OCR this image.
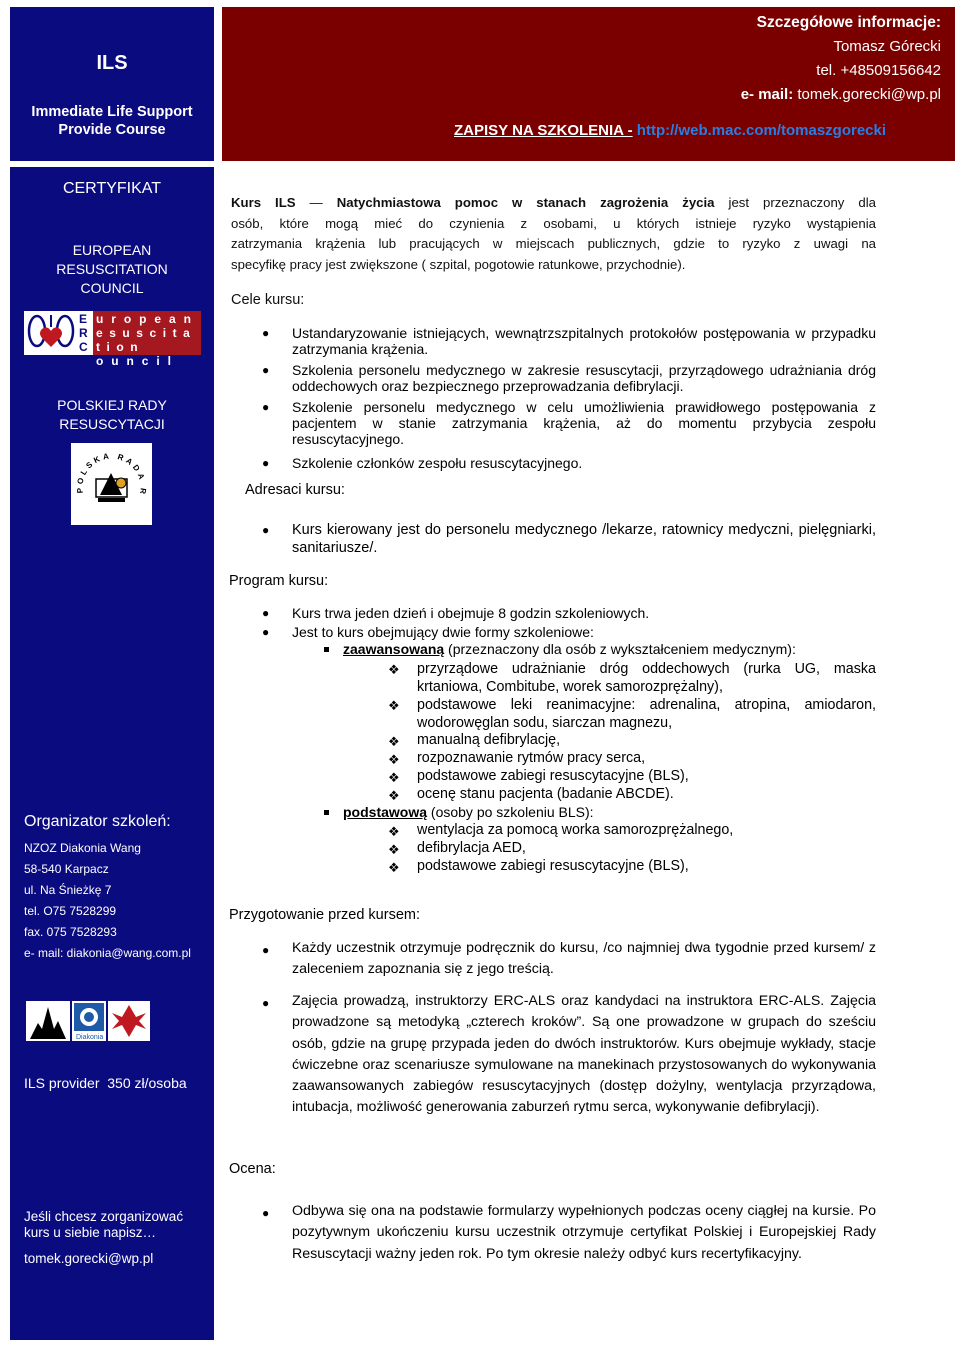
ILS
Immediate Life Support
Provide Course
CERTYFIKAT
EUROPEAN
RESUSCITATION
COUNCIL
POLSKIEJ RADY
RESUSCYTACJI
Organizator szkoleń:
NZOZ Diakonia Wang
58-540 Karpacz
ul. Na Śnieżkę 7
tel. O75 7528299
fax. 075 7528293
e- mail: diakonia@wang.com.pl
ILS provider  350 zł/osoba
Jeśli chcesz zorganizować
kurs u siebie napisz…
tomek.gorecki@wp.pl
E
R
C
u r o p e a n
e s u s c i t a t i o n
o u n c i l
POLSKA RADA R
Diakonia
Szczegółowe informacje:
Tomasz Górecki
tel. +48509156642
e- mail: tomek.gorecki@wp.pl
ZAPISY NA SZKOLENIA - http://web.mac.com/tomaszgorecki
Kurs ILS — Natychmiastowa pomoc w stanach zagrożenia życia jest przeznaczony dla
osób, które mogą mieć do czynienia z osobami, u których istnieje ryzyko wystąpienia
zatrzymania krążenia lub pracujących w miejscach publicznych, gdzie to ryzyko z uwagi na
specyfikę pracy jest zwiększone ( szpital, pogotowie ratunkowe, przychodnie).
Cele kursu:
● Ustandaryzowanie istniejących, wewnątrzszpitalnych protokołów postępowania w przypadku zatrzymania krążenia.
● Szkolenia personelu medycznego w zakresie resuscytacji, przyrządowego udrażniania dróg oddechowych oraz bezpiecznego przeprowadzania defibrylacji.
● Szkolenie personelu medycznego w celu umożliwienia prawidłowego postępowania z pacjentem w stanie zatrzymania krążenia, aż do momentu przybycia zespołu resuscytacyjnego.
● Szkolenie członków zespołu resuscytacyjnego.
Adresaci kursu:
● Kurs kierowany jest do personelu medycznego /lekarze, ratownicy medyczni, pielęgniarki, sanitariusze/.
Program kursu:
● Kurs trwa jeden dzień i obejmuje 8 godzin szkoleniowych.
● Jest to kurs obejmujący dwie formy szkoleniowe:
zaawansowaną (przeznaczony dla osób z wykształceniem medycznym):
❖ przyrządowe udrażnianie dróg oddechowych (rurka UG, maska krtaniowa, Combitube, worek samorozprężalny),
❖ podstawowe leki reanimacyjne: adrenalina, atropina, amiodaron, wodorowęglan sodu, siarczan magnezu,
❖ manualną defibrylację,
❖ rozpoznawanie rytmów pracy serca,
❖ podstawowe zabiegi resuscytacyjne (BLS),
❖ ocenę stanu pacjenta (badanie ABCDE).
podstawową (osoby po szkoleniu BLS):
❖ wentylacja za pomocą worka samorozprężalnego,
❖ defibrylacja AED,
❖ podstawowe zabiegi resuscytacyjne (BLS),
Przygotowanie przed kursem:
● Każdy uczestnik otrzymuje podręcznik do kursu, /co najmniej dwa tygodnie przed kursem/ z zaleceniem zapoznania się z jego treścią.
● Zajęcia prowadzą, instruktorzy ERC-ALS oraz kandydaci na instruktora ERC-ALS. Zajęcia prowadzone są metodyką „czterech kroków”. Są one prowadzone w grupach do sześciu osób, gdzie na grupę przypada jeden do dwóch instruktorów. Kurs obejmuje wykłady, stacje ćwiczebne oraz scenariusze symulowane na manekinach przystosowanych do wykonywania zaawansowanych zabiegów resuscytacyjnych (dostęp dożylny, wentylacja przyrządowa, intubacja, możliwość generowania zaburzeń rytmu serca, wykonywanie defibrylacji).
Ocena:
● Odbywa się ona na podstawie formularzy wypełnionych podczas oceny ciągłej na kursie. Po pozytywnym ukończeniu kursu uczestnik otrzymuje certyfikat Polskiej i Europejskiej Rady Resuscytacji ważny jeden rok. Po tym okresie należy odbyć kurs recertyfikacyjny.
